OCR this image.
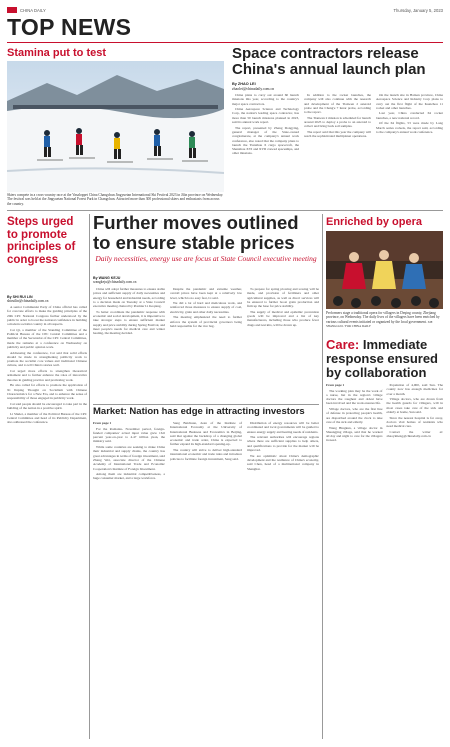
CHINA DAILY	Thursday, January 5, 2023
TOP NEWS
Stamina put to test
Skiers compete in a cross-country race at the Vasaloppet China Changchun Jingyuetan International Ski Festival 2023 in Jilin province on Wednesday. The festival was held at the Jingyuetan National Forest Park in Changchun. Attracted more than 300 professional skiers and enthusiasts from across the country.
Space contractors release China's annual launch plan
By ZHAO LEI
zhaolei@chinadaily.com.cn

China plans to carry out around 60 launch missions this year, according to the country's major space contractors.

China Aerospace Science and Technology Corp, the nation's leading space contractor, has more than 50 launch missions planned in 2023, said its annual work report.

The report, presented by Zhang Dongying, general manager of the State-owned conglomerate, at the company's annual work conference, also noted that the company plans to launch the Tianzhou 6 cargo spacecraft, the Shenzhou XVI and XVII crewed spaceships, and other missions.

In addition to the rocket launches, the company will also continue with the research and development of the Tianwen 2 asteroid probe and the Chang'e 7 lunar probe, according to the report.

The Tianwen 2 mission is scheduled for launch around 2025 to deploy a probe to an asteroid to collect and bring back soil samples.

The report said that this year the company will reach the sophisticated multiplanet operations.

On the launch site in Hainan province, China Aerospace Science and Industry Corp plans to carry out the first flight of the Kuaizhou 11 rocket and other launches.

Last year, China conducted 64 rocket launches, a new national record.

Of the 64 flights, 53 were made by Long March series rockets, the report said, according to the company's annual work conference.

Steps urged to promote principles of congress
By SHI RUI LIN
shiruilin@chinadaily.com.cn

A senior Communist Party of China official has called for concrete efforts to make the guiding principles of the 20th CPC National Congress further understood by the public in order to boost the national confidence in building a modern socialist country in all respects.

Cai Qi, a member of the Standing Committee of the Political Bureau of the CPC Central Committee and a member of the Secretariat of the CPC Central Committee, made the remarks at a conference on Wednesday on publicity and public opinion work.

Addressing the conference, Cai said that solid efforts should be made in strengthening publicity work to promote the socialist core values and traditional Chinese culture, and to tell China's stories well.

Cai urged more efforts to strengthen theoretical armament and to further enhance the roles of innovative theories in guiding practice and promoting work.

He also called for efforts to promote the application of Xi Jinping Thought on Socialism with Chinese Characteristics for a New Era, and to enhance the sense of responsibility of those engaged in publicity work.

Cai said people should be encouraged to take part in the building of the nation in a positive spirit.

Li Shulei, a member of the Political Bureau of the CPC Central Committee and head of its Publicity Department, also addressed the conference.

Further moves outlined to ensure stable prices
Daily necessities, energy use are focus at State Council executive meeting
By WANG KEJU
wangkeju@chinadaily.com.cn

China will adopt further measures to ensure stable prices and sufficient supply of daily necessities and energy for household and industrial needs, according to a decision made on Tuesday at a State Council executive meeting chaired by Premier Li Keqiang.

To better coordinate the pandemic response with economic and social development, it is imperative to take stronger steps to ensure sufficient market supply and price stability during Spring Festival, and meet people's needs for medical care and winter heating, the meeting decided.

Despite the pandemic and extreme weather, overall prices have been kept at a relatively low level, which is no easy feat, Li said.

We did a lot of hard and meticulous work, and reinforced those measures to ensure supply of coal, electricity, grain and other daily necessities.

The meeting emphasized the need to further enforce the system of provincial governors being held responsible for the rice bag.

To prepare for spring plowing and sowing will be made, and provision of fertilizers and other agricultural supplies, as well as direct services will be ensured to further boost grain production and firm up the base for price stability.

The supply of medical and epidemic prevention goods will be improved and a list of key manufacturers, including those who produce fever drugs and test kits, will be drawn up.

Market: Nation has edge in attracting investors

From page 1

For the Romania- November period, foreign-funded companies' actual input value grew 16.6 percent year-on-year to 4.47 trillion yuan, the ministry said.

While some countries are seeking to make China their industrial and supply chains, the country has great advantages in terms of foreign investment, said Zhang Wei, associate director of the Chinese Academy of International Trade and Economic Cooperation's Institute of Foreign Investment.

Among them are industrial competitiveness, a huge consumer market, and a large workforce.

Sang Baichuan, dean of the Institute of International Economy at the University of International Business and Economics in Beijing, said that against the backdrop of a changing global economic and trade order, China is expected to further expand its high-standard opening-up.

The country will strive to deliver high-standard international economic and trade rules and introduce policies to facilitate foreign investment, Sang said.

Distribution of energy resources will be better coordinated and local governments will be guided to ensure energy supply and heating needs of residents.

The relevant authorities will encourage regions where there are sufficient supplies to help others, and qualifications to provide for the market will be improved.

We are optimistic about China's demographic development and the resilience of China's economy, said Chen, head of a multinational company in Shanghai.

Enriched by opera
Performers stage a traditional opera for villagers in Deqing county, Zhejiang province, on Wednesday. The daily lives of the villagers have been enriched by various cultural events initiated or organized by the local government. XIE SHANGGUO / FOR CHINA DAILY
Care: Immediate response ensured by collaboration

From page 1

The working plan may be the work of a nurse, but in the region's village doctors the roughest and oldest have been involved and the work ensures life.

Village doctors, who are the first line of defense in protecting people's health, are dispatched around the clock to take care of the sick and elderly.

Wang Bingkun, a village doctor in Shuangjing village, said that he worked all day and night to care for the villagers in need.

Population of 4,000, said Sun. The county now has enough medicines for over a month.

Village doctors, who are drawn from the health guards for villagers, will in most cases take care of the sick and elderly at home, Sun said.

Since the nearest hospital is far away, doctors visit homes of residents who need medical care.

Contact the writer at: zhaoyimeng@chinadaily.com.cn
